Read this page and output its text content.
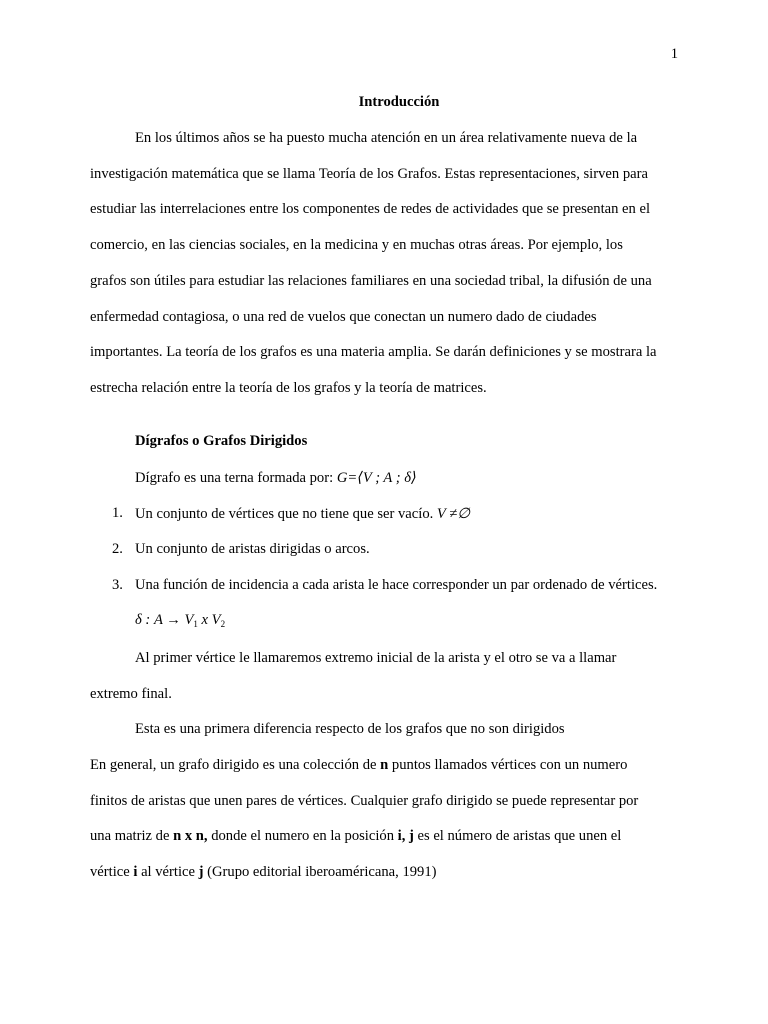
1
Introducción
En los últimos años se ha puesto mucha atención en un área relativamente nueva de la
investigación matemática que se llama Teoría de los Grafos. Estas representaciones, sirven para
estudiar las interrelaciones entre los componentes de redes de actividades que se presentan en el
comercio, en las ciencias sociales, en la medicina y en muchas otras áreas. Por ejemplo, los
grafos son útiles para estudiar las relaciones familiares en una sociedad tribal, la difusión de una
enfermedad contagiosa, o una red de vuelos que conectan un numero dado de ciudades
importantes. La teoría de los grafos es una materia amplia. Se darán definiciones y se mostrara la
estrecha relación entre la teoría de los grafos y la teoría de matrices.
Dígrafos o Grafos Dirigidos
Dígrafo es una terna formada por: G=⟨V ; A ; δ⟩
1. Un conjunto de vértices que no tiene que ser vacío. V ≠∅
2. Un conjunto de aristas dirigidas o arcos.
3. Una función de incidencia a cada arista le hace corresponder un par ordenado de vértices.
δ : $A \to V_1$ x $V_2$
Al primer vértice le llamaremos extremo inicial de la arista y el otro se va a llamar
extremo final.
Esta es una primera diferencia respecto de los grafos que no son dirigidos
En general, un grafo dirigido es una colección de n puntos llamados vértices con un numero
finitos de aristas que unen pares de vértices. Cualquier grafo dirigido se puede representar por
una matriz de n x n, donde el numero en la posición i, j es el número de aristas que unen el
vértice i al vértice j (Grupo editorial iberoaméricana, 1991)
